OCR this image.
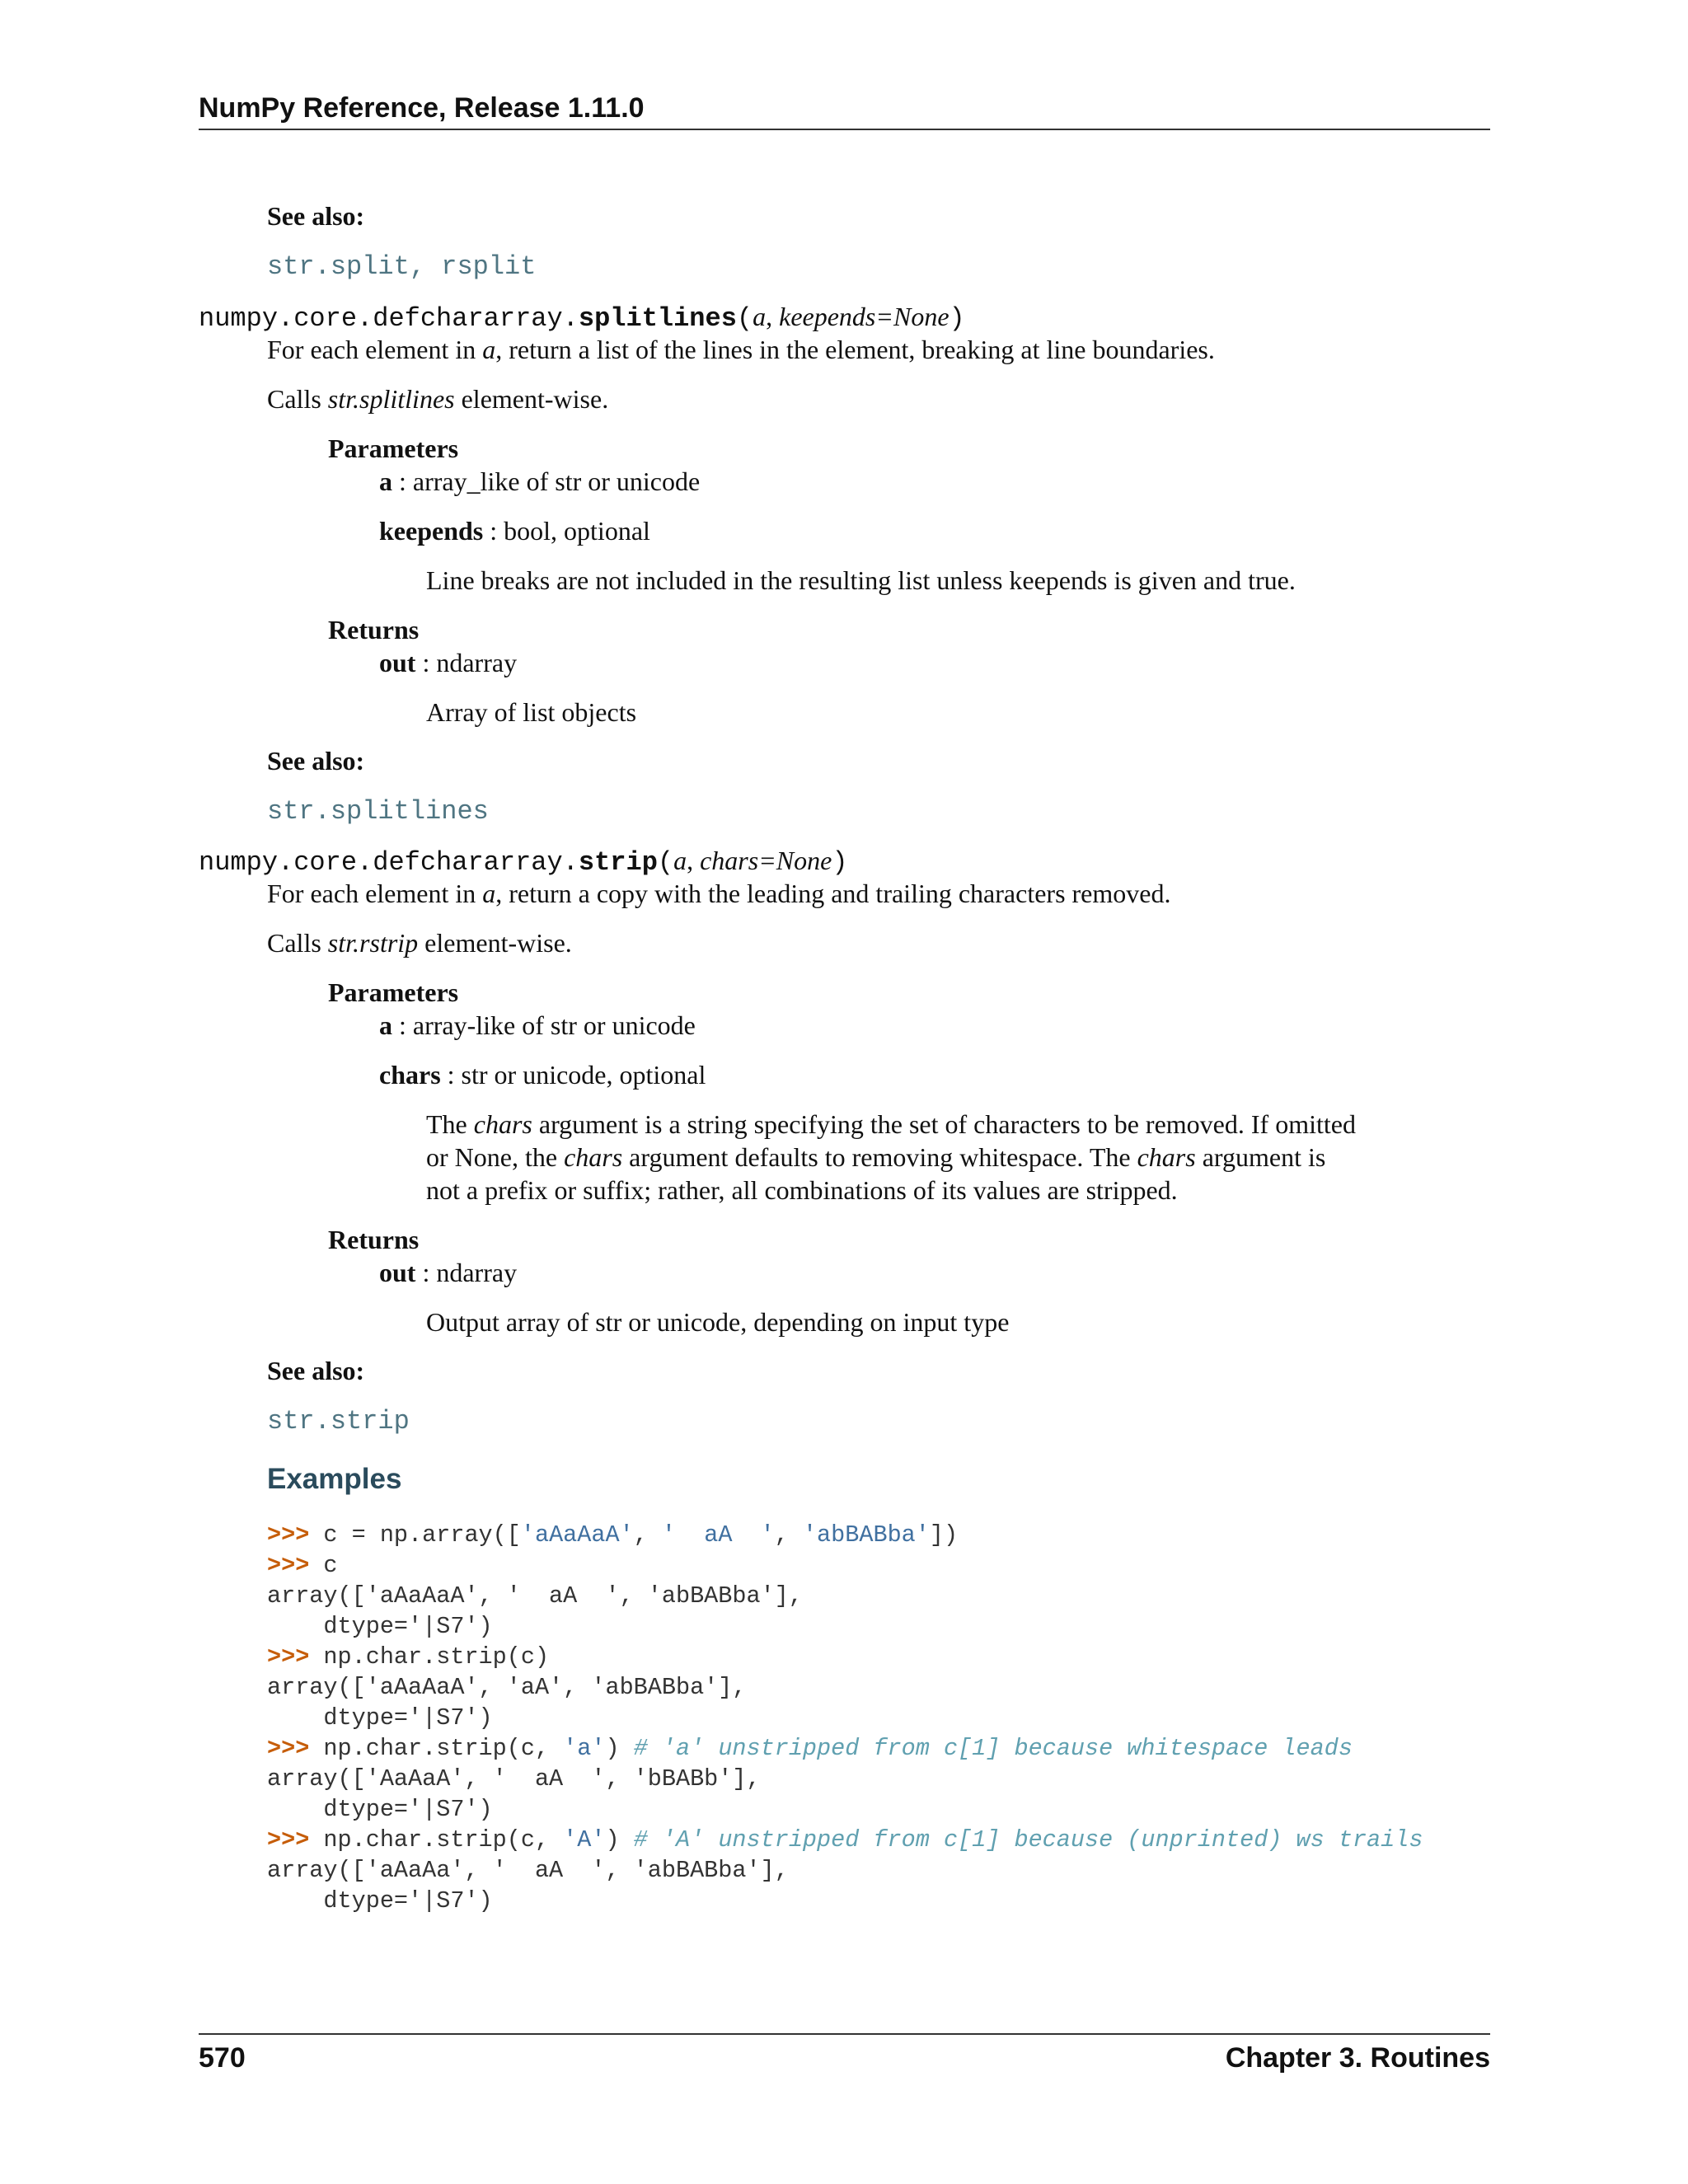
NumPy Reference, Release 1.11.0
See also:
str.split, rsplit
numpy.core.defchararray.splitlines(a, keepends=None)
For each element in a, return a list of the lines in the element, breaking at line boundaries.
Calls str.splitlines element-wise.
Parameters
a : array_like of str or unicode
keepends : bool, optional
Line breaks are not included in the resulting list unless keepends is given and true.
Returns
out : ndarray
Array of list objects
See also:
str.splitlines
numpy.core.defchararray.strip(a, chars=None)
For each element in a, return a copy with the leading and trailing characters removed.
Calls str.rstrip element-wise.
Parameters
a : array-like of str or unicode
chars : str or unicode, optional
The chars argument is a string specifying the set of characters to be removed. If omitted
or None, the chars argument defaults to removing whitespace. The chars argument is
not a prefix or suffix; rather, all combinations of its values are stripped.
Returns
out : ndarray
Output array of str or unicode, depending on input type
See also:
str.strip
Examples
>>> c = np.array(['aAaAaA', '  aA  ', 'abBABba'])
>>> c
array(['aAaAaA', '  aA  ', 'abBABba'],
dtype='|S7')
>>> np.char.strip(c)
array(['aAaAaA', 'aA', 'abBABba'],
dtype='|S7')
>>> np.char.strip(c, 'a') # 'a' unstripped from c[1] because whitespace leads
array(['AaAaA', '  aA  ', 'bBABb'],
dtype='|S7')
>>> np.char.strip(c, 'A') # 'A' unstripped from c[1] because (unprinted) ws trails
array(['aAaAa', '  aA  ', 'abBABba'],
dtype='|S7')
570	Chapter 3. Routines
